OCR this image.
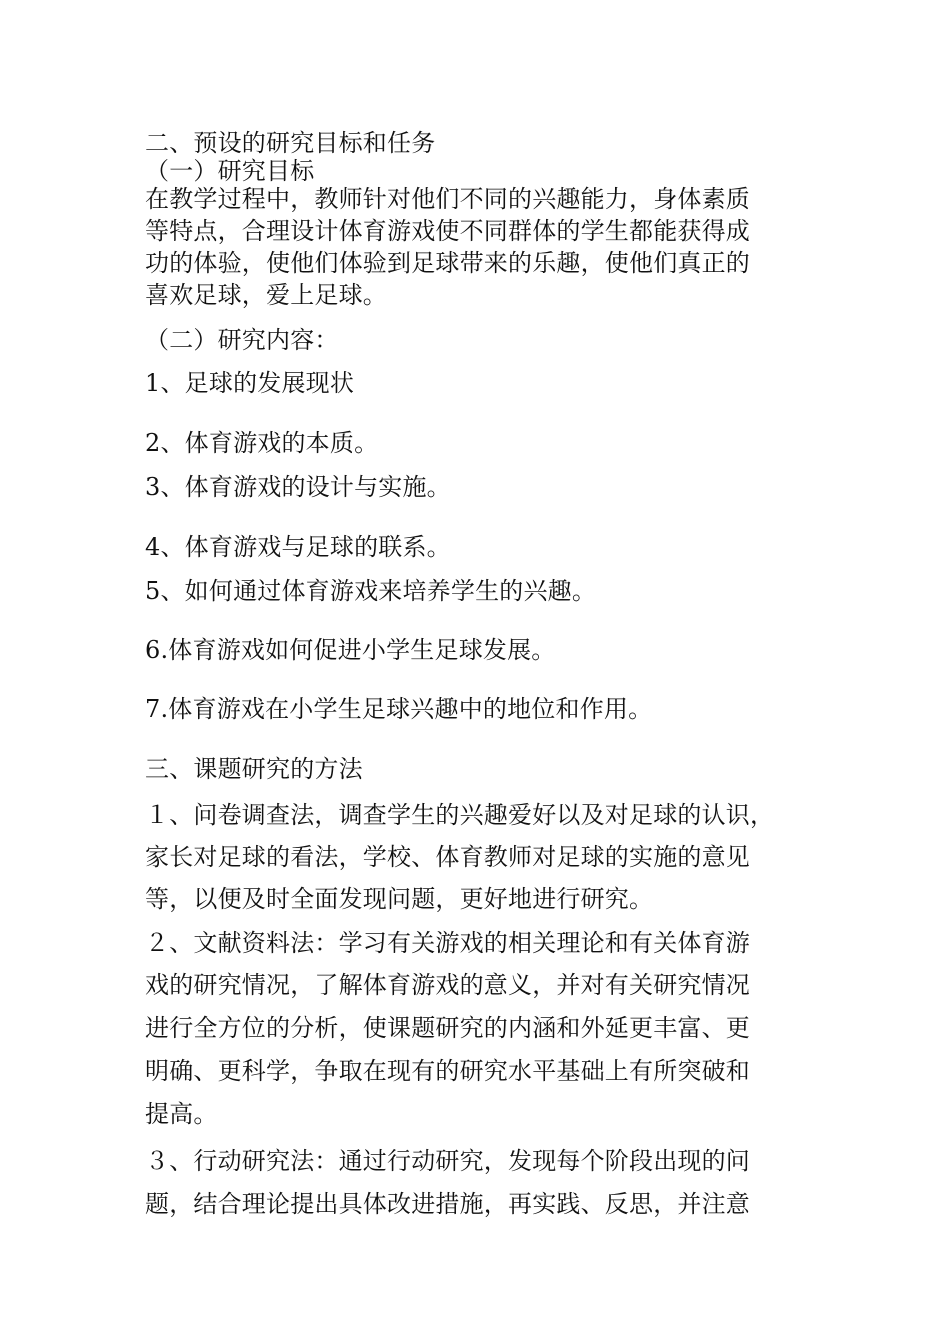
二、预设的研究目标和任务
（一）研究目标
在教学过程中，教师针对他们不同的兴趣能力，身体素质
等特点，合理设计体育游戏使不同群体的学生都能获得成
功的体验，使他们体验到足球带来的乐趣，使他们真正的
喜欢足球，爱上足球。
（二）研究内容：
1、足球的发展现状
2、体育游戏的本质。
3、体育游戏的设计与实施。
4、体育游戏与足球的联系。
5、如何通过体育游戏来培养学生的兴趣。
6.体育游戏如何促进小学生足球发展。
7.体育游戏在小学生足球兴趣中的地位和作用。
三、课题研究的方法
１、问卷调查法，调查学生的兴趣爱好以及对足球的认识，
家长对足球的看法，学校、体育教师对足球的实施的意见
等，以便及时全面发现问题，更好地进行研究。
２、文献资料法：学习有关游戏的相关理论和有关体育游
戏的研究情况，了解体育游戏的意义，并对有关研究情况
进行全方位的分析，使课题研究的内涵和外延更丰富、更
明确、更科学，争取在现有的研究水平基础上有所突破和
提高。
３、行动研究法：通过行动研究，发现每个阶段出现的问
题，结合理论提出具体改进措施，再实践、反思，并注意
